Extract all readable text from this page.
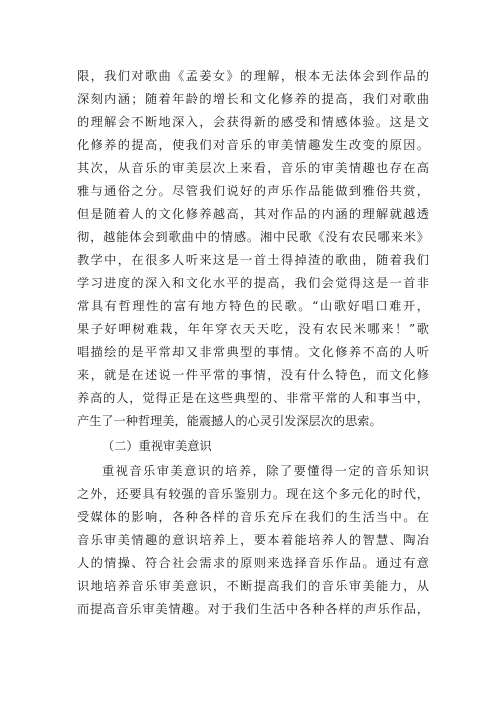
限，我们对歌曲《孟姜女》的理解，根本无法体会到作品的
深刻内涵；随着年龄的增长和文化修养的提高，我们对歌曲
的理解会不断地深入，会获得新的感受和情感体验。这是文
化修养的提高，使我们对音乐的审美情趣发生改变的原因。
其次，从音乐的审美层次上来看，音乐的审美情趣也存在高
雅与通俗之分。尽管我们说好的声乐作品能做到雅俗共赏，
但是随着人的文化修养越高，其对作品的内涵的理解就越透
彻，越能体会到歌曲中的情感。湘中民歌《没有农民哪来米》
教学中，在很多人听来这是一首土得掉渣的歌曲，随着我们
学习进度的深入和文化水平的提高，我们会觉得这是一首非
常具有哲理性的富有地方特色的民歌。“山歌好唱口难开，
果子好呷树难栽，年年穿衣天天吃，没有农民米哪来！”歌
唱描绘的是平常却又非常典型的事情。文化修养不高的人听
来，就是在述说一件平常的事情，没有什么特色，而文化修
养高的人，觉得正是在这些典型的、非常平常的人和事当中，
产生了一种哲理美，能震撼人的心灵引发深层次的思索。
（二）重视审美意识
重视音乐审美意识的培养，除了要懂得一定的音乐知识
之外，还要具有较强的音乐鉴别力。现在这个多元化的时代，
受媒体的影响，各种各样的音乐充斥在我们的生活当中。在
音乐审美情趣的意识培养上，要本着能培养人的智慧、陶冶
人的情操、符合社会需求的原则来选择音乐作品。通过有意
识地培养音乐审美意识，不断提高我们的音乐审美能力，从
而提高音乐审美情趣。对于我们生活中各种各样的声乐作品，
